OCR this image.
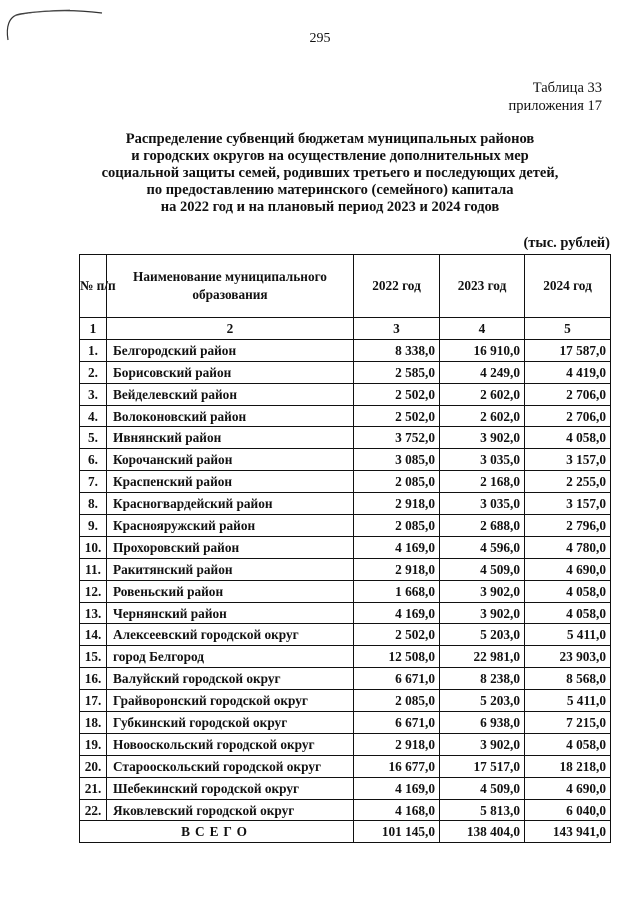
295
Таблица 33
приложения 17
Распределение субвенций бюджетам муниципальных районов
и городских округов на осуществление дополнительных мер
социальной защиты семей, родивших третьего и последующих детей,
по предоставлению материнского (семейного) капитала
на 2022 год и на плановый период 2023 и 2024 годов
(тыс. рублей)
№ п/п	Наименование муниципального образования	2022 год	2023 год	2024 год
1	2	3	4	5
1.	Белгородский район	8 338,0	16 910,0	17 587,0
2.	Борисовский район	2 585,0	4 249,0	4 419,0
3.	Вейделевский район	2 502,0	2 602,0	2 706,0
4.	Волоконовский район	2 502,0	2 602,0	2 706,0
5.	Ивнянский район	3 752,0	3 902,0	4 058,0
6.	Корочанский район	3 085,0	3 035,0	3 157,0
7.	Краспенский район	2 085,0	2 168,0	2 255,0
8.	Красногвардейский район	2 918,0	3 035,0	3 157,0
9.	Краснояружский район	2 085,0	2 688,0	2 796,0
10.	Прохоровский район	4 169,0	4 596,0	4 780,0
11.	Ракитянский район	2 918,0	4 509,0	4 690,0
12.	Ровеньский район	1 668,0	3 902,0	4 058,0
13.	Чернянский район	4 169,0	3 902,0	4 058,0
14.	Алексеевский городской округ	2 502,0	5 203,0	5 411,0
15.	город Белгород	12 508,0	22 981,0	23 903,0
16.	Валуйский городской округ	6 671,0	8 238,0	8 568,0
17.	Грайворонский городской округ	2 085,0	5 203,0	5 411,0
18.	Губкинский городской округ	6 671,0	6 938,0	7 215,0
19.	Новооскольский городской округ	2 918,0	3 902,0	4 058,0
20.	Старооскольский городской округ	16 677,0	17 517,0	18 218,0
21.	Шебекинский городской округ	4 169,0	4 509,0	4 690,0
22.	Яковлевский городской округ	4 168,0	5 813,0	6 040,0
ВСЕГО		101 145,0	138 404,0	143 941,0
